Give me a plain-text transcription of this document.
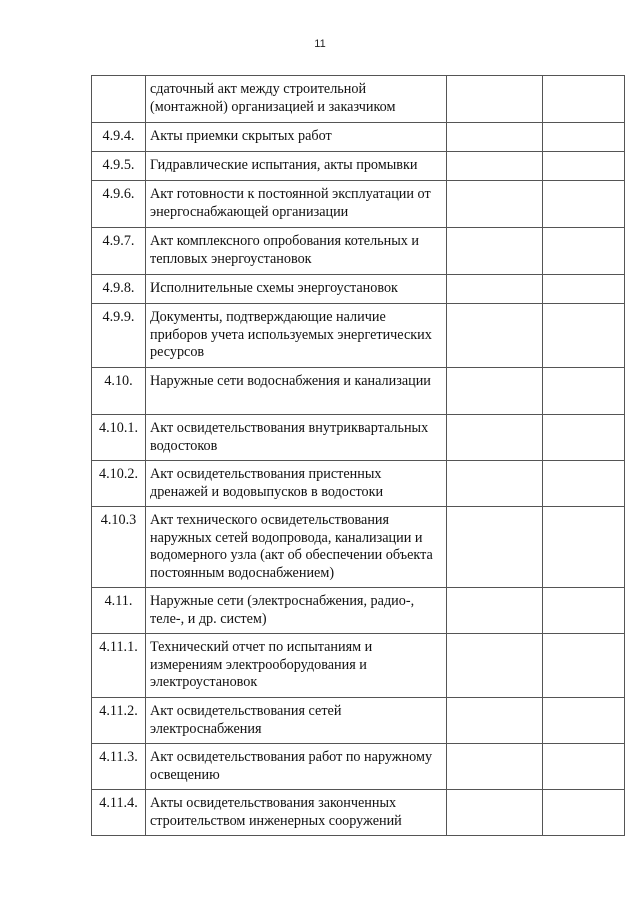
11
	сдаточный акт между строительной (монтажной) организацией и заказчиком		
4.9.4.	Акты приемки скрытых работ		
4.9.5.	Гидравлические испытания, акты промывки		
4.9.6.	Акт готовности к постоянной эксплуатации от энергоснабжающей организации		
4.9.7.	Акт комплексного опробования котельных и тепловых энергоустановок		
4.9.8.	Исполнительные схемы энергоустановок		
4.9.9.	Документы, подтверждающие наличие приборов учета используемых энергетических ресурсов		
4.10.	Наружные сети водоснабжения и канализации		
4.10.1.	Акт освидетельствования внутриквартальных водостоков		
4.10.2.	Акт освидетельствования пристенных дренажей и водовыпусков в водостоки		
4.10.3	Акт технического освидетельствования наружных сетей водопровода, канализации и водомерного узла (акт об обеспечении объекта постоянным водоснабжением)		
4.11.	Наружные сети (электроснабжения, радио-, теле-, и др. систем)		
4.11.1.	Технический отчет по испытаниям и измерениям электрооборудования и электроустановок		
4.11.2.	Акт освидетельствования сетей электроснабжения		
4.11.3.	Акт освидетельствования работ по наружному освещению		
4.11.4.	Акты освидетельствования законченных строительством инженерных сооружений		
